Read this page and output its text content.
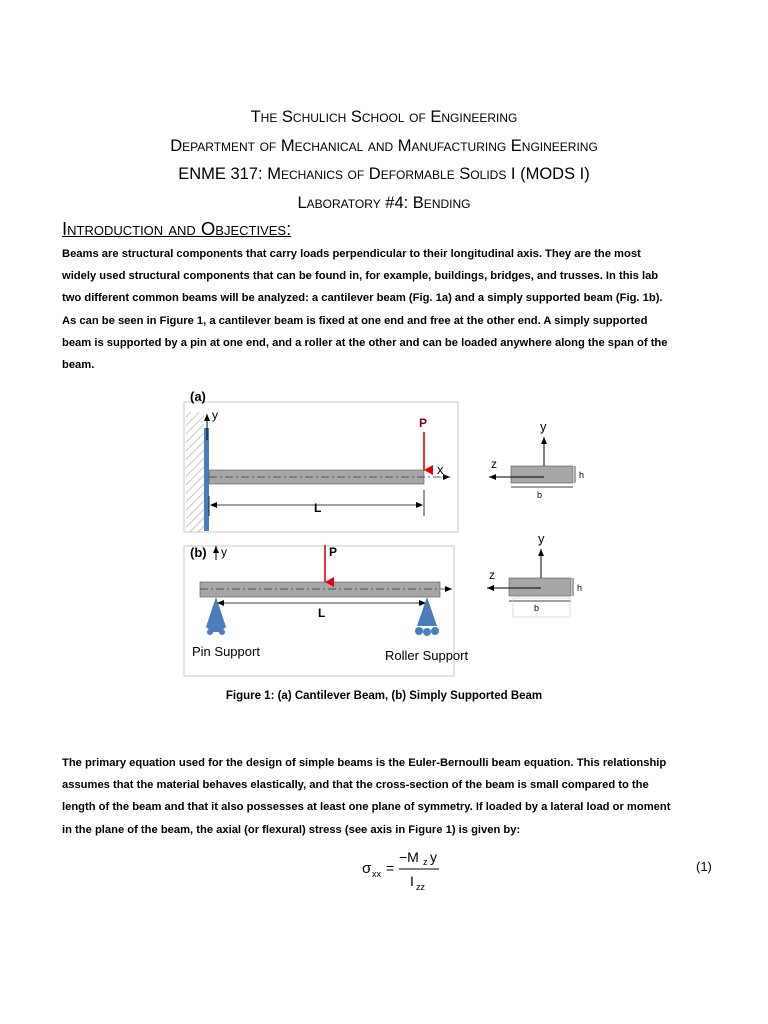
The Schulich School of Engineering
Department of Mechanical and Manufacturing Engineering
ENME 317: Mechanics of Deformable Solids I (MODS I)
Laboratory #4: Bending
Introduction and Objectives:
Beams are structural components that carry loads perpendicular to their longitudinal axis. They are the most
widely used structural components that can be found in, for example, buildings, bridges, and trusses. In this lab
two different common beams will be analyzed: a cantilever beam (Fig. 1a) and a simply supported beam (Fig. 1b).
As can be seen in Figure 1, a cantilever beam is fixed at one end and free at the other end. A simply supported
beam is supported by a pin at one end, and a roller at the other and can be loaded anywhere along the span of the
beam.
(a)
y
x
P
L
y
z
h
b
(b) y	P
L
Pin Support	Roller Support
y
z
h
b
Figure 1: (a) Cantilever Beam, (b) Simply Supported Beam
The primary equation used for the design of simple beams is the Euler-Bernoulli beam equation. This relationship
assumes that the material behaves elastically, and that the cross-section of the beam is small compared to the
length of the beam and that it also possesses at least one plane of symmetry. If loaded by a lateral load or moment
in the plane of the beam, the axial (or flexural) stress (see axis in Figure 1) is given by:
σ xx =
−M z y
I zz
(1)
